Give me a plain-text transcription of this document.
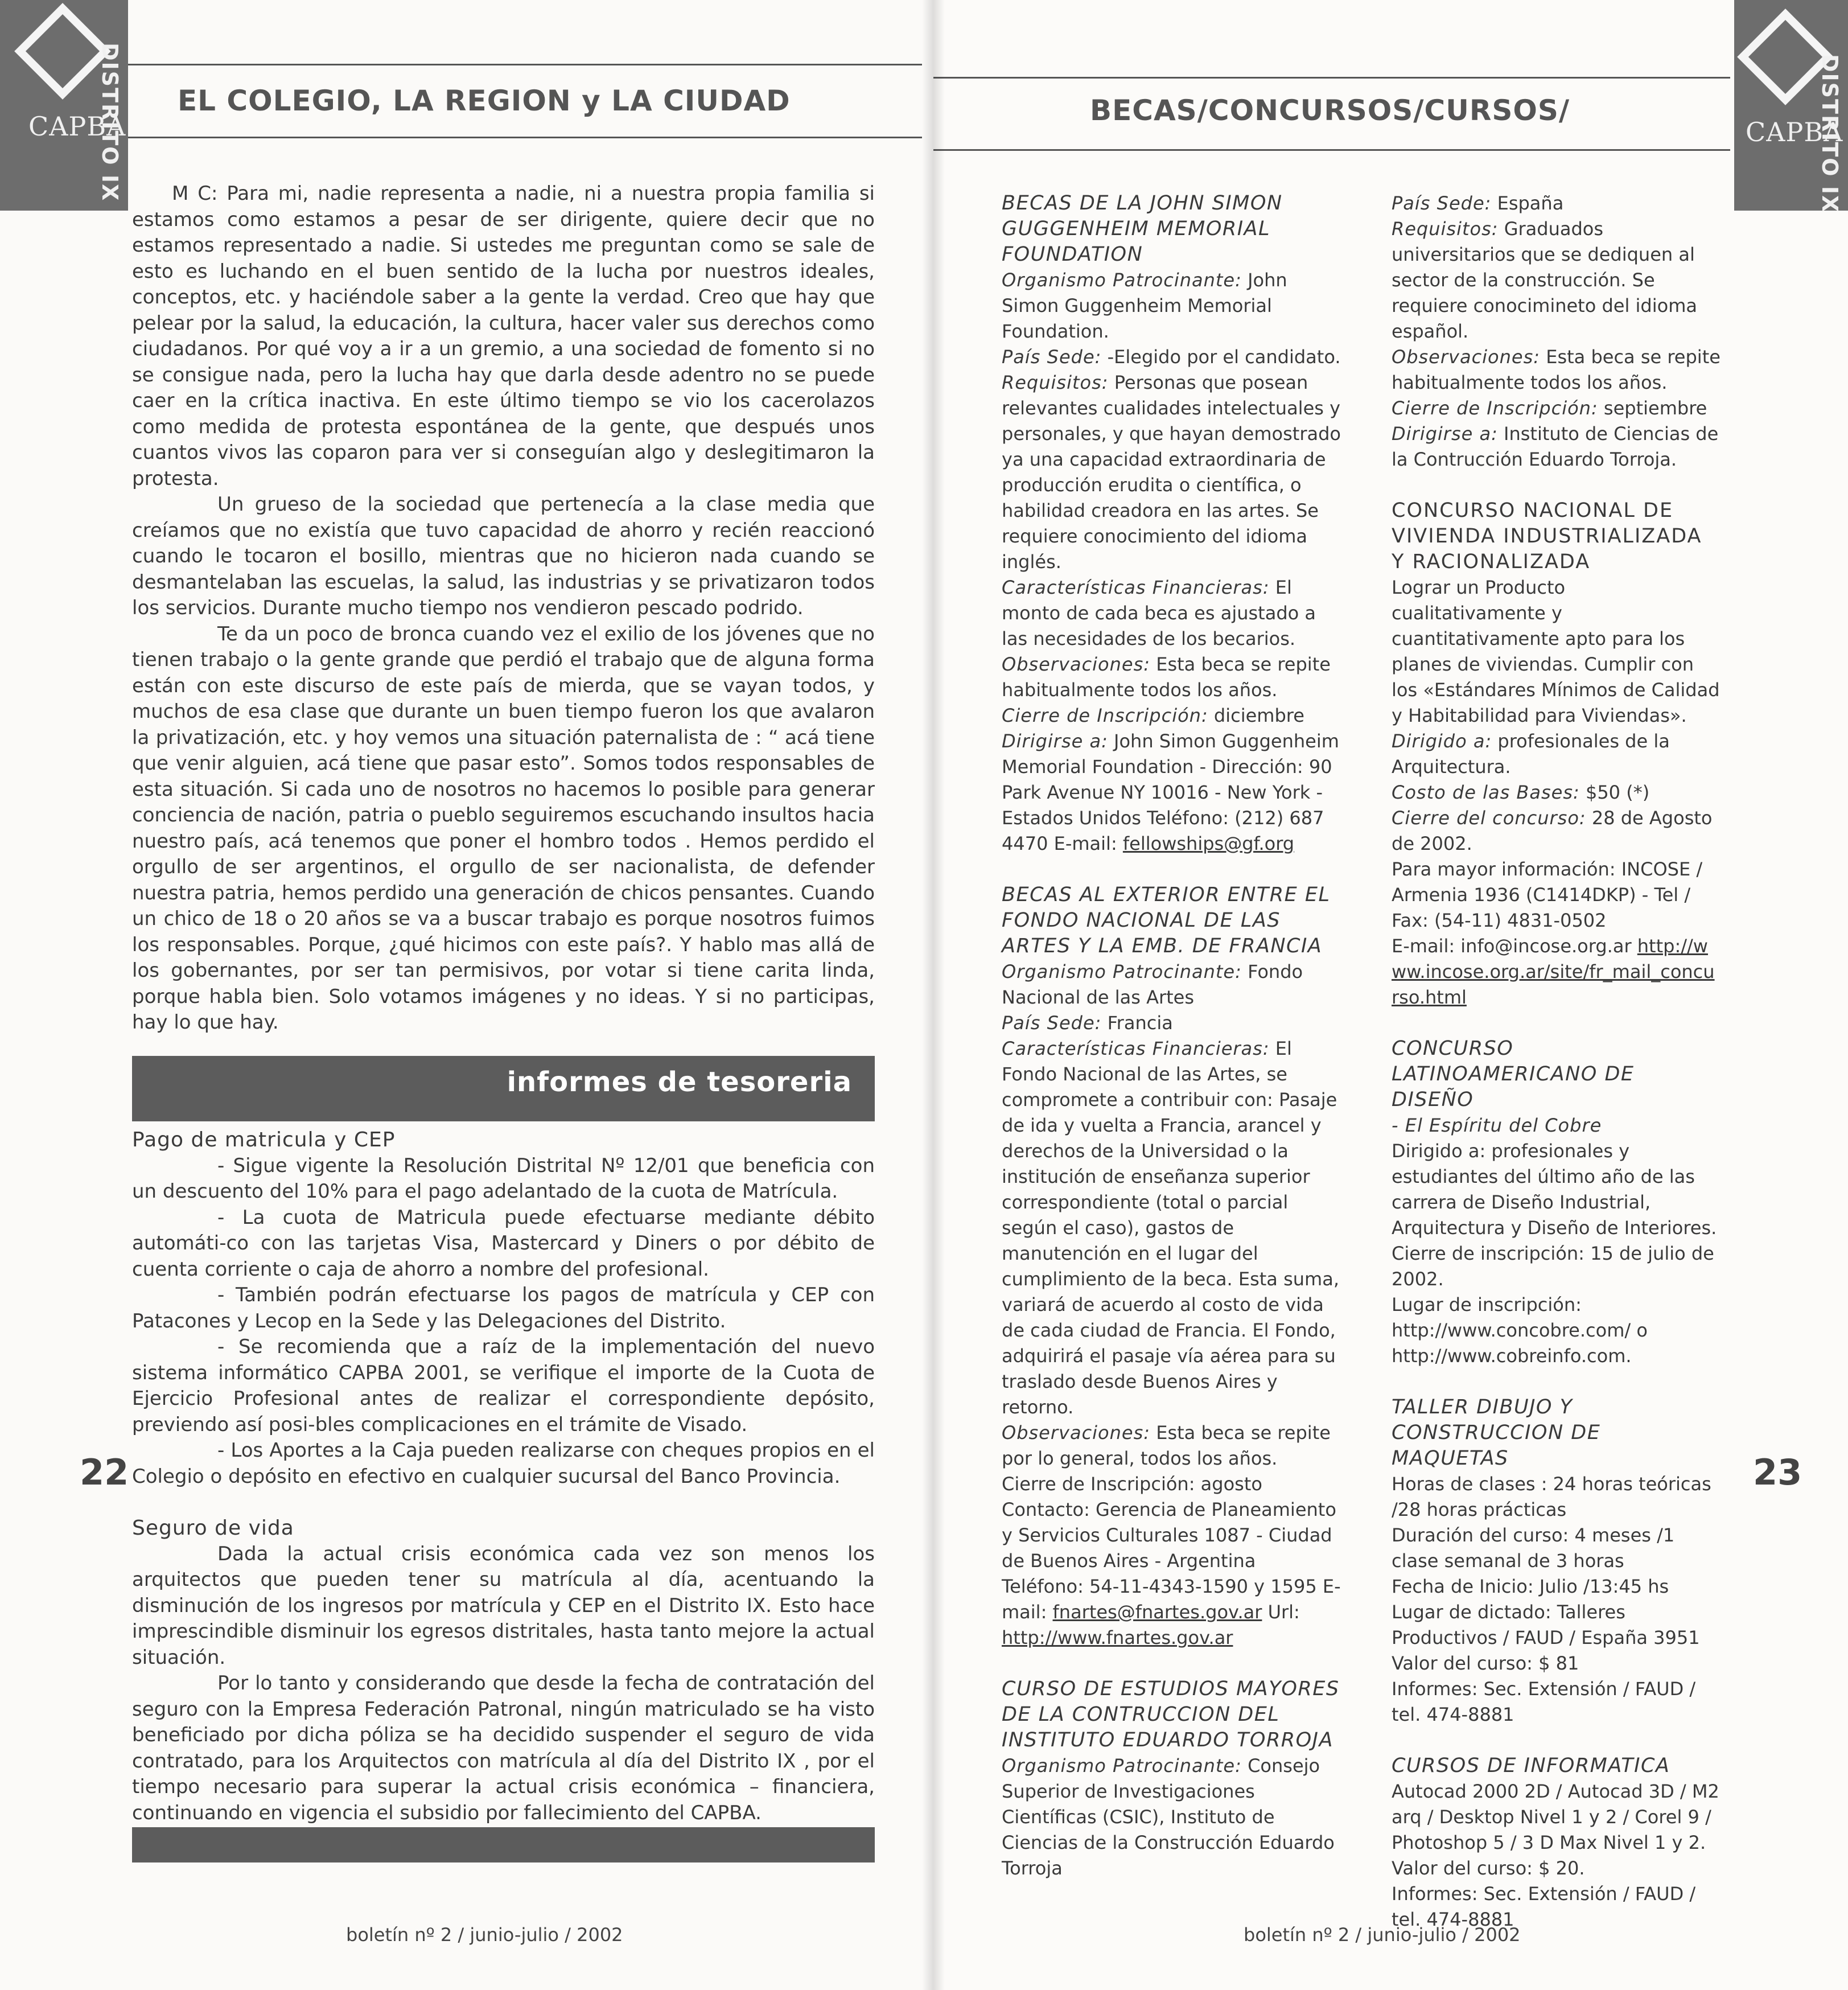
CAPBA
DISTRITO IX EL COLEGIO, LA REGION y LA CIUDAD

M C: Para mi, nadie representa a nadie, ni a nuestra propia familia si estamos como estamos a pesar de ser dirigente, quiere decir que no estamos representado a nadie. Si ustedes me preguntan como se sale de esto es luchando en el buen sentido de la lucha por nuestros ideales, conceptos, etc. y haciéndole saber a la gente la verdad. Creo que hay que pelear por la salud, la educación, la cultura, hacer valer sus derechos como ciudadanos. Por qué voy a ir a un gremio, a una sociedad de fomento si no se consigue nada, pero la lucha hay que darla desde adentro no se puede caer en la crítica inactiva. En este último tiempo se vio los cacerolazos como medida de protesta espontánea de la gente, que después unos cuantos vivos las coparon para ver si conseguían algo y deslegitimaron la protesta.

Un grueso de la sociedad que pertenecía a la clase media que creíamos que no existía que tuvo capacidad de ahorro y recién reaccionó cuando le tocaron el bosillo, mientras que no hicieron nada cuando se desmantelaban las escuelas, la salud, las industrias y se privatizaron todos los servicios. Durante mucho tiempo nos vendieron pescado podrido.

Te da un poco de bronca cuando vez el exilio de los jóvenes que no tienen trabajo o la gente grande que perdió el trabajo que de alguna forma están con este discurso de este país de mierda, que se vayan todos, y muchos de esa clase que durante un buen tiempo fueron los que avalaron la privatización, etc. y hoy vemos una situación paternalista de : “ acá tiene que venir alguien, acá tiene que pasar esto”. Somos todos responsables de esta situación. Si cada uno de nosotros no hacemos lo posible para generar conciencia de nación, patria o pueblo seguiremos escuchando insultos hacia nuestro país, acá tenemos que poner el hombro todos . Hemos perdido el orgullo de ser argentinos, el orgullo de ser nacionalista, de defender nuestra patria, hemos perdido una generación de chicos pensantes. Cuando un chico de 18 o 20 años se va a buscar trabajo es porque nosotros fuimos los responsables. Porque, ¿qué hicimos con este país?. Y hablo mas allá de los gobernantes, por ser tan permisivos, por votar si tiene carita linda, porque habla bien. Solo votamos imágenes y no ideas. Y si no participas, hay lo que hay.

informes de tesoreria
Pago de matricula y CEP

- Sigue vigente la Resolución Distrital Nº 12/01 que beneficia con un descuento del 10% para el pago adelantado de la cuota de Matrícula.

- La cuota de Matricula puede efectuarse mediante débito automáti-co con las tarjetas Visa, Mastercard y Diners o por débito de cuenta corriente o caja de ahorro a nombre del profesional.

- También podrán efectuarse los pagos de matrícula y CEP con Patacones y Lecop en la Sede y las Delegaciones del Distrito.

- Se recomienda que a raíz de la implementación del nuevo sistema informático CAPBA 2001, se verifique el importe de la Cuota de Ejercicio Profesional antes de realizar el correspondiente depósito, previendo así posi-bles complicaciones en el trámite de Visado.

- Los Aportes a la Caja pueden realizarse con cheques propios en el Colegio o depósito en efectivo en cualquier sucursal del Banco Provincia.

Seguro de vida

Dada la actual crisis económica cada vez son menos los arquitectos que pueden tener su matrícula al día, acentuando la disminución de los ingresos por matrícula y CEP en el Distrito IX. Esto hace imprescindible disminuir los egresos distritales, hasta tanto mejore la actual situación.

Por lo tanto y considerando que desde la fecha de contratación del seguro con la Empresa Federación Patronal, ningún matriculado se ha visto beneficiado por dicha póliza se ha decidido suspender el seguro de vida contratado, para los Arquitectos con matrícula al día del Distrito IX , por el tiempo necesario para superar la actual crisis económica – financiera, continuando en vigencia el subsidio por fallecimiento del CAPBA.

22
boletín nº 2 / junio-julio / 2002
BECAS/CONCURSOS/CURSOS/
CAPBA
DISTRITO IX
BECAS DE LA JOHN SIMON GUGGENHEIM MEMORIAL FOUNDATION
Organismo Patrocinante: John Simon Guggenheim Memorial Foundation.
País Sede: -Elegido por el candidato.
Requisitos: Personas que posean relevantes cualidades intelectuales y personales, y que hayan demostrado ya una capacidad extraordinaria de producción erudita o científica, o habilidad creadora en las artes. Se requiere conocimiento del idioma inglés.
Características Financieras: El monto de cada beca es ajustado a las necesidades de los becarios.
Observaciones: Esta beca se repite habitualmente todos los años.
Cierre de Inscripción: diciembre
Dirigirse a: John Simon Guggenheim Memorial Foundation - Dirección: 90 Park Avenue NY 10016 - New York - Estados Unidos Teléfono: (212) 687 4470 E-mail: fellowships@gf.org
BECAS AL EXTERIOR ENTRE EL FONDO NACIONAL DE LAS ARTES Y LA EMB. DE FRANCIA
Organismo Patrocinante: Fondo Nacional de las Artes
País Sede: Francia
Características Financieras: El Fondo Nacional de las Artes, se compromete a contribuir con: Pasaje de ida y vuelta a Francia, arancel y derechos de la Universidad o la institución de enseñanza superior correspondiente (total o parcial según el caso), gastos de manutención en el lugar del cumplimiento de la beca. Esta suma, variará de acuerdo al costo de vida de cada ciudad de Francia. El Fondo, adquirirá el pasaje vía aérea para su traslado desde Buenos Aires y retorno.
Observaciones: Esta beca se repite por lo general, todos los años.
Cierre de Inscripción: agosto
Contacto: Gerencia de Planeamiento y Servicios Culturales 1087 - Ciudad de Buenos Aires - Argentina
Teléfono: 54-11-4343-1590 y 1595 E-mail: fnartes@fnartes.gov.ar Url: http://www.fnartes.gov.ar
CURSO DE ESTUDIOS MAYORES DE LA CONTRUCCION DEL INSTITUTO EDUARDO TORROJA
Organismo Patrocinante: Consejo Superior de Investigaciones Científicas (CSIC), Instituto de Ciencias de la Construcción Eduardo Torroja
País Sede: España
Requisitos: Graduados universitarios que se dediquen al sector de la construcción. Se requiere conocimineto del idioma español.
Observaciones: Esta beca se repite habitualmente todos los años.
Cierre de Inscripción: septiembre
Dirigirse a: Instituto de Ciencias de la Contrucción Eduardo Torroja.
CONCURSO NACIONAL DE VIVIENDA INDUSTRIALIZADA Y RACIONALIZADA
Lograr un Producto cualitativamente y cuantitativamente apto para los planes de viviendas. Cumplir con los «Estándares Mínimos de Calidad y Habitabilidad para Viviendas».
Dirigido a: profesionales de la Arquitectura.
Costo de las Bases: $50 (*)
Cierre del concurso: 28 de Agosto de 2002.
Para mayor información: INCOSE / Armenia 1936 (C1414DKP) - Tel / Fax: (54-11) 4831-0502
E-mail: info@incose.org.ar http://www.incose.org.ar/site/fr_mail_concurso.html
CONCURSO LATINOAMERICANO DE DISEÑO
- El Espíritu del Cobre
Dirigido a: profesionales y estudiantes del último año de las carrera de Diseño Industrial, Arquitectura y Diseño de Interiores.
Cierre de inscripción: 15 de julio de 2002.
Lugar de inscripción: http://www.concobre.com/ o http://www.cobreinfo.com.
TALLER DIBUJO Y CONSTRUCCION DE MAQUETAS
Horas de clases : 24 horas teóricas /28 horas prácticas
Duración del curso: 4 meses /1 clase semanal de 3 horas
Fecha de Inicio: Julio /13:45 hs
Lugar de dictado: Talleres Productivos / FAUD / España 3951
Valor del curso: $ 81
Informes: Sec. Extensión / FAUD / tel. 474-8881
CURSOS DE INFORMATICA
Autocad 2000 2D / Autocad 3D / M2 arq / Desktop Nivel 1 y 2 / Corel 9 / Photoshop 5 / 3 D Max Nivel 1 y 2.
Valor del curso: $ 20.
Informes: Sec. Extensión / FAUD / tel. 474-8881
23
boletín nº 2 / junio-julio / 2002
